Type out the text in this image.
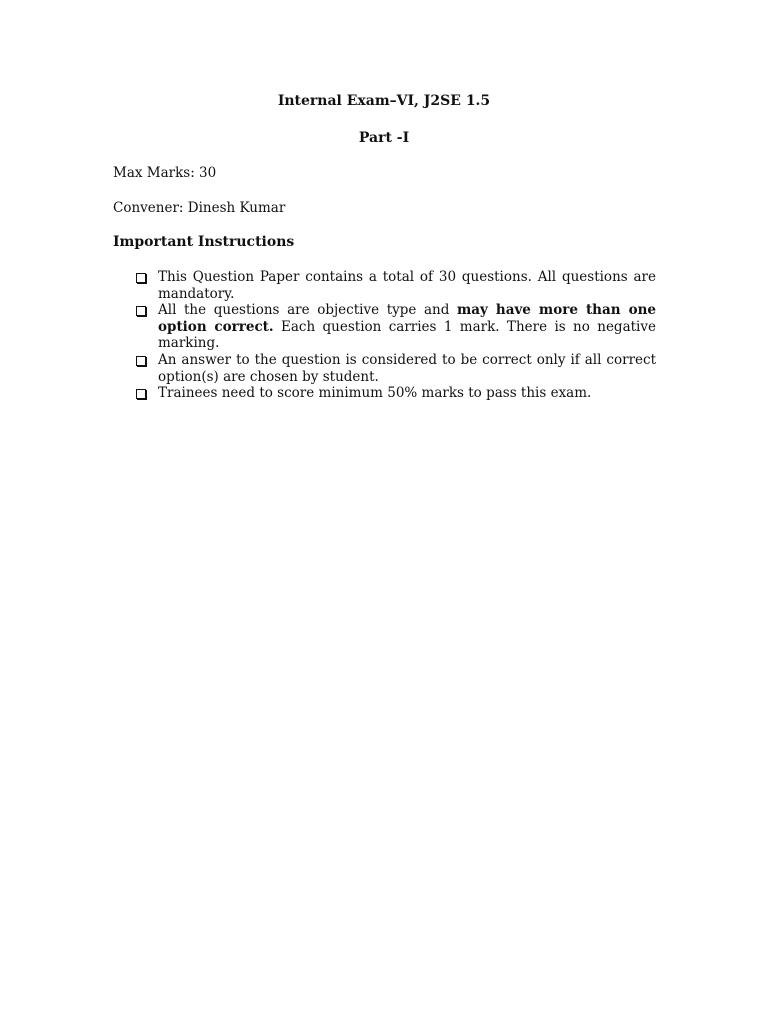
Internal Exam–VI, J2SE 1.5
Part -I
Max Marks: 30
Convener: Dinesh Kumar
Important Instructions
This Question Paper contains a total of 30 questions. All questions are mandatory.
All the questions are objective type and may have more than one option correct. Each question carries 1 mark. There is no negative marking.
An answer to the question is considered to be correct only if all correct option(s) are chosen by student.
Trainees need to score minimum 50% marks to pass this exam.
